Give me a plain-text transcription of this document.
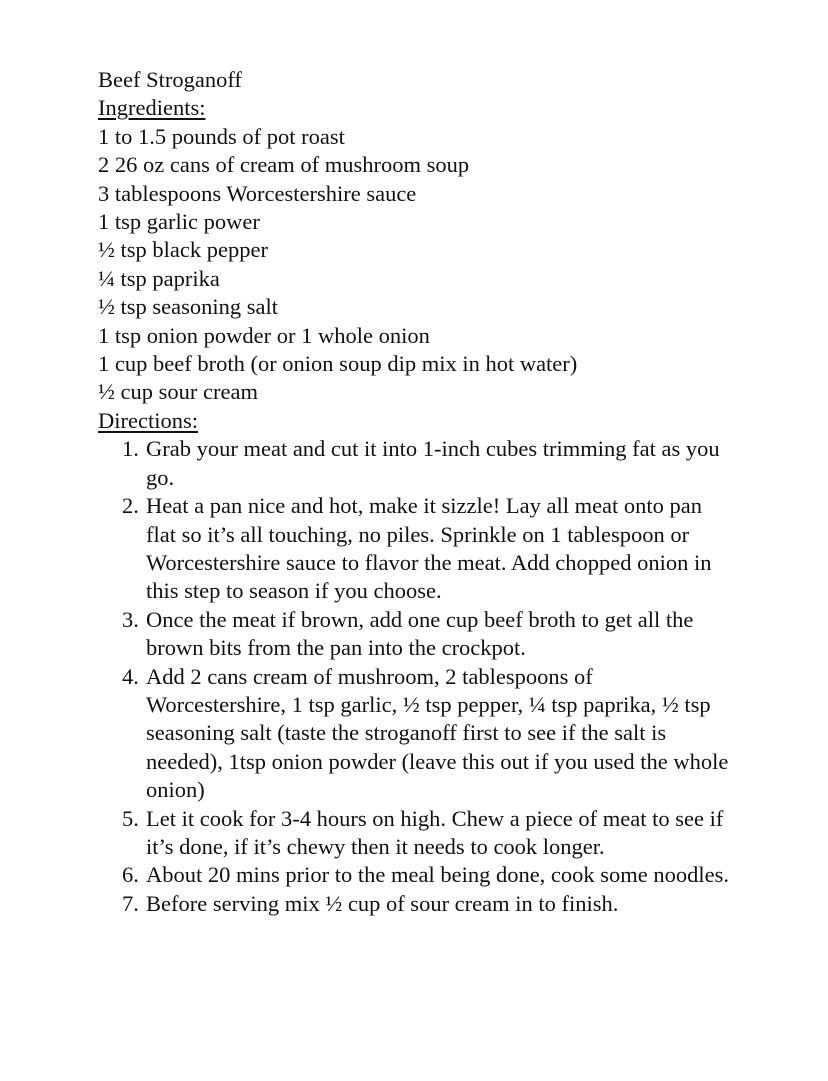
Beef Stroganoff
Ingredients:
1 to 1.5 pounds of pot roast
2 26 oz cans of cream of mushroom soup
3 tablespoons Worcestershire sauce
1 tsp garlic power
½ tsp black pepper
¼ tsp paprika
½ tsp seasoning salt
1 tsp onion powder or 1 whole onion
1 cup beef broth (or onion soup dip mix in hot water)
½ cup sour cream
Directions:
1. Grab your meat and cut it into 1-inch cubes trimming fat as you go.
2. Heat a pan nice and hot, make it sizzle! Lay all meat onto pan flat so it’s all touching, no piles. Sprinkle on 1 tablespoon or Worcestershire sauce to flavor the meat. Add chopped onion in this step to season if you choose.
3. Once the meat if brown, add one cup beef broth to get all the brown bits from the pan into the crockpot.
4. Add 2 cans cream of mushroom, 2 tablespoons of Worcestershire, 1 tsp garlic, ½ tsp pepper, ¼ tsp paprika, ½ tsp seasoning salt (taste the stroganoff first to see if the salt is needed), 1tsp onion powder (leave this out if you used the whole onion)
5. Let it cook for 3-4 hours on high. Chew a piece of meat to see if it’s done, if it’s chewy then it needs to cook longer.
6. About 20 mins prior to the meal being done, cook some noodles.
7. Before serving mix ½ cup of sour cream in to finish.
